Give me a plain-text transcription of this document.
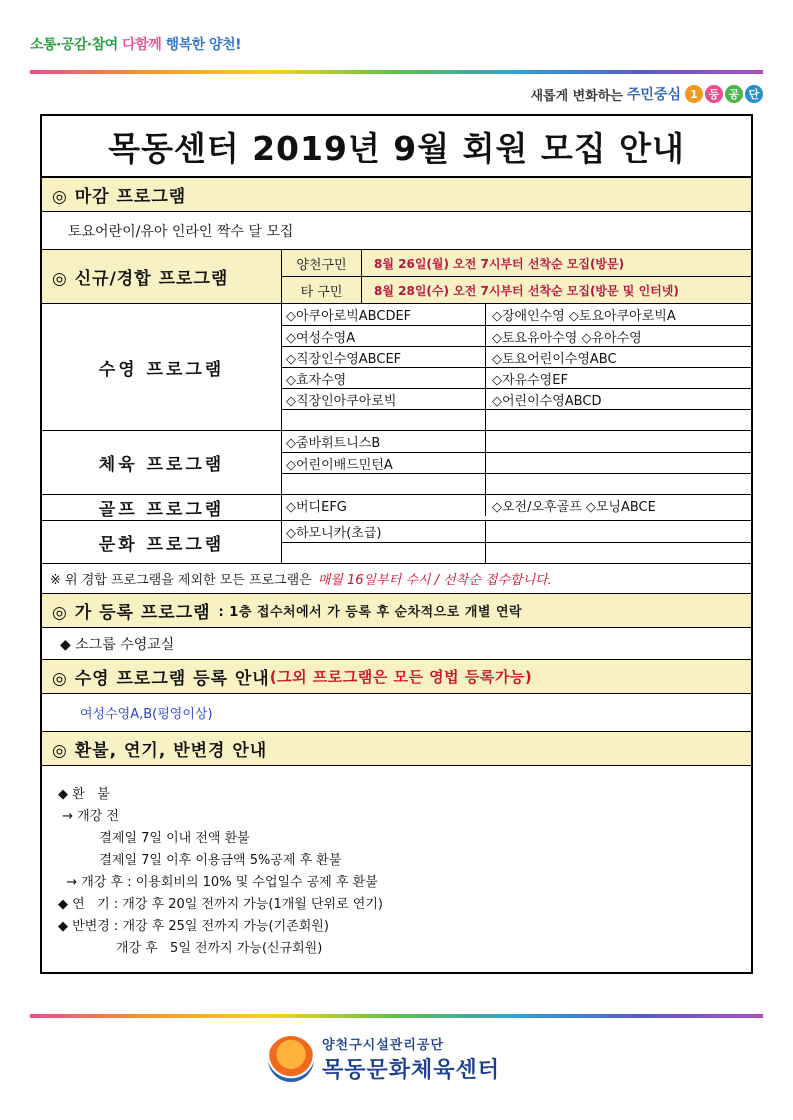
소통·공감·참여 다함께 행복한 양천!
새롭게 변화하는 주민중심 1 등 공 단
목동센터 2019년 9월 회원 모집 안내
◎ 마감 프로그램
토요어란이/유아 인라인 짝수 달 모집
◎ 신규/경합 프로그램
양천구민	8월 26일(월) 오전 7시부터 선착순 모집(방문)
타 구민	8월 28일(수) 오전 7시부터 선착순 모집(방문 및 인터넷)
수영 프로그램
◇아쿠아로빅ABCDEF	◇장애인수영 ◇토요아쿠아로빅A
◇여성수영A	◇토요유아수영 ◇유아수영
◇직장인수영ABCEF	◇토요어린이수영ABC
◇효자수영	◇자유수영EF
◇직장인아쿠아로빅	◇어린이수영ABCD
체육 프로그램
◇줌바휘트니스B
◇어린이배드민턴A
골프 프로그램	◇버디EFG	◇오전/오후골프 ◇모닝ABCE
문화 프로그램
◇하모니카(초급)
※ 위 경합 프로그램을 제외한 모든 프로그램은 매월 16일부터 수시 / 선착순 접수합니다.
◎ 가 등록 프로그램 : 1층 접수처에서 가 등록 후 순차적으로 개별 연락
◆ 소그룹 수영교실
◎ 수영 프로그램 등록 안내 (그외 프로그램은 모든 영법 등록가능)
여성수영A,B(평영이상)
◎ 환불, 연기, 반변경 안내
◆ 환   불
→ 개강 전
결제일 7일 이내 전액 환불
결제일 7일 이후 이용금액 5%공제 후 환불
→ 개강 후 : 이용회비의 10% 및 수업일수 공제 후 환불
◆ 연   기 : 개강 후 20일 전까지 가능(1개월 단위로 연기)
◆ 반변경 : 개강 후 25일 전까지 가능(기존회원)
개강 후   5일 전까지 가능(신규회원)
양천구시설관리공단
목동문화체육센터
